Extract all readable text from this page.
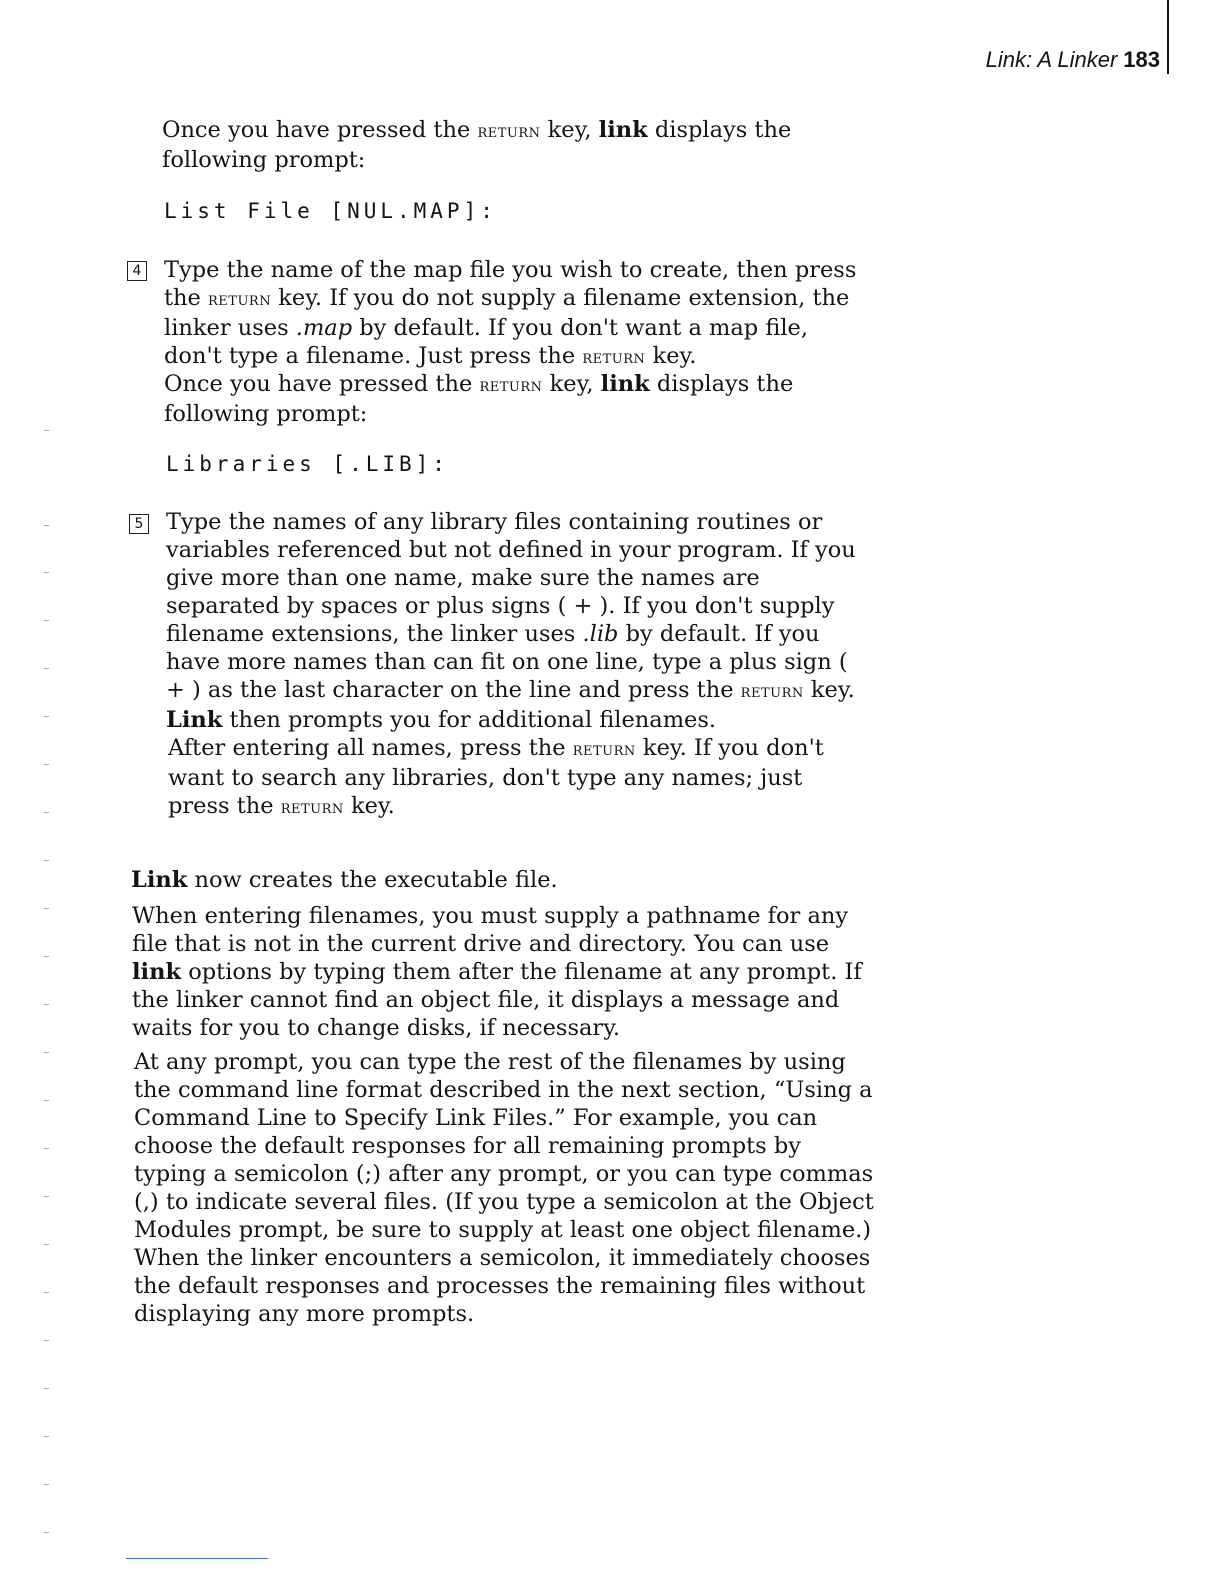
Link: A Linker 183

Once you have pressed the return key, link displays the following prompt:

List File [NUL.MAP]:
4 Type the name of the map file you wish to create, then press the return key. If you do not supply a filename extension, the linker uses .map by default. If you don't want a map file, don't type a filename. Just press the return key.

Once you have pressed the return key, link displays the following prompt:

Libraries [.LIB]:
5 Type the names of any library files containing routines or variables referenced but not defined in your program. If you give more than one name, make sure the names are separated by spaces or plus signs ( + ). If you don't supply filename extensions, the linker uses .lib by default. If you have more names than can fit on one line, type a plus sign ( + ) as the last character on the line and press the return key. Link then prompts you for additional filenames.

After entering all names, press the return key. If you don't want to search any libraries, don't type any names; just press the return key.

Link now creates the executable file.

When entering filenames, you must supply a pathname for any file that is not in the current drive and directory. You can use link options by typing them after the filename at any prompt. If the linker cannot find an object file, it displays a message and waits for you to change disks, if necessary.

At any prompt, you can type the rest of the filenames by using the command line format described in the next section, “Using a Command Line to Specify Link Files.” For example, you can choose the default responses for all remaining prompts by typing a semicolon (;) after any prompt, or you can type commas (,) to indicate several files. (If you type a semicolon at the Object Modules prompt, be sure to supply at least one object filename.) When the linker encounters a semicolon, it immediately chooses the default responses and processes the remaining files without displaying any more prompts.
